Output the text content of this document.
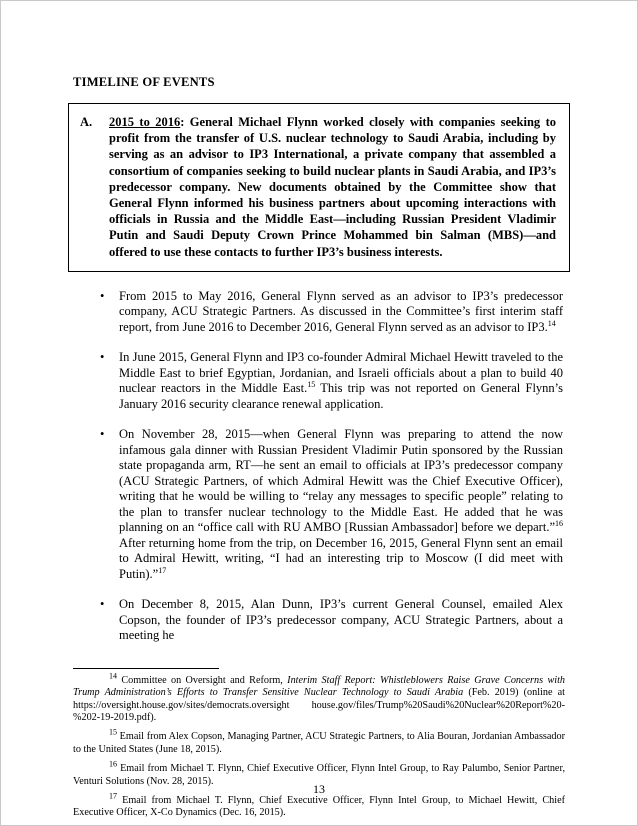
TIMELINE OF EVENTS
A.	2015 to 2016: General Michael Flynn worked closely with companies seeking to profit from the transfer of U.S. nuclear technology to Saudi Arabia, including by serving as an advisor to IP3 International, a private company that assembled a consortium of companies seeking to build nuclear plants in Saudi Arabia, and IP3’s predecessor company. New documents obtained by the Committee show that General Flynn informed his business partners about upcoming interactions with officials in Russia and the Middle East—including Russian President Vladimir Putin and Saudi Deputy Crown Prince Mohammed bin Salman (MBS)—and offered to use these contacts to further IP3’s business interests.

• From 2015 to May 2016, General Flynn served as an advisor to IP3’s predecessor company, ACU Strategic Partners. As discussed in the Committee’s first interim staff report, from June 2016 to December 2016, General Flynn served as an advisor to IP3.14
• In June 2015, General Flynn and IP3 co-founder Admiral Michael Hewitt traveled to the Middle East to brief Egyptian, Jordanian, and Israeli officials about a plan to build 40 nuclear reactors in the Middle East.$^{15}$ This trip was not reported on General Flynn’s January 2016 security clearance renewal application.
• On November 28, 2015—when General Flynn was preparing to attend the now infamous gala dinner with Russian President Vladimir Putin sponsored by the Russian state propaganda arm, RT—he sent an email to officials at IP3’s predecessor company (ACU Strategic Partners, of which Admiral Hewitt was the Chief Executive Officer), writing that he would be willing to “relay any messages to specific people” relating to the plan to transfer nuclear technology to the Middle East. He added that he was planning on an “office call with RU AMBO [Russian Ambassador] before we depart.”$^{16}$ After returning home from the trip, on December 16, 2015, General Flynn sent an email to Admiral Hewitt, writing, “I had an interesting trip to Moscow (I did meet with Putin).”$^{17}$
• On December 8, 2015, Alan Dunn, IP3’s current General Counsel, emailed Alex Copson, the founder of IP3’s predecessor company, ACU Strategic Partners, about a meeting he

$^{14}$ Committee on Oversight and Reform, Interim Staff Report: Whistleblowers Raise Grave Concerns with Trump Administration’s Efforts to Transfer Sensitive Nuclear Technology to Saudi Arabia (Feb. 2019) (online at https://oversight.house.gov/sites/democrats.oversight house.gov/files/Trump%20Saudi%20Nuclear%20Report%20-%202-19-2019.pdf).

$^{15}$ Email from Alex Copson, Managing Partner, ACU Strategic Partners, to Alia Bouran, Jordanian Ambassador to the United States (June 18, 2015).

$^{16}$ Email from Michael T. Flynn, Chief Executive Officer, Flynn Intel Group, to Ray Palumbo, Senior Partner, Venturi Solutions (Nov. 28, 2015).

$^{17}$ Email from Michael T. Flynn, Chief Executive Officer, Flynn Intel Group, to Michael Hewitt, Chief Executive Officer, X-Co Dynamics (Dec. 16, 2015).

13
